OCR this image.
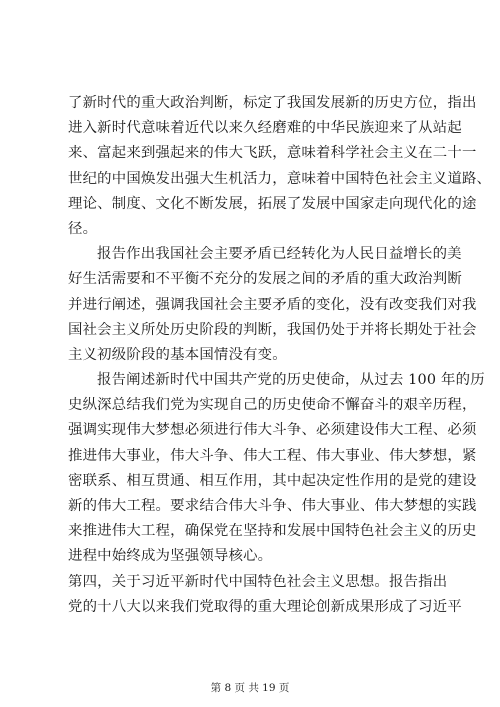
了新时代的重大政治判断，标定了我国发展新的历史方位，指出
进入新时代意味着近代以来久经磨难的中华民族迎来了从站起
来、富起来到强起来的伟大飞跃，意味着科学社会主义在二十一
世纪的中国焕发出强大生机活力，意味着中国特色社会主义道路、
理论、制度、文化不断发展，拓展了发展中国家走向现代化的途
径。
报告作出我国社会主要矛盾已经转化为人民日益增长的美
好生活需要和不平衡不充分的发展之间的矛盾的重大政治判断
并进行阐述，强调我国社会主要矛盾的变化，没有改变我们对我
国社会主义所处历史阶段的判断，我国仍处于并将长期处于社会
主义初级阶段的基本国情没有变。
报告阐述新时代中国共产党的历史使命，从过去 100 年的历
史纵深总结我们党为实现自己的历史使命不懈奋斗的艰辛历程，
强调实现伟大梦想必须进行伟大斗争、必须建设伟大工程、必须
推进伟大事业，伟大斗争、伟大工程、伟大事业、伟大梦想，紧
密联系、相互贯通、相互作用，其中起决定性作用的是党的建设
新的伟大工程。要求结合伟大斗争、伟大事业、伟大梦想的实践
来推进伟大工程，确保党在坚持和发展中国特色社会主义的历史
进程中始终成为坚强领导核心。
第四，关于习近平新时代中国特色社会主义思想。报告指出
党的十八大以来我们党取得的重大理论创新成果形成了习近平
第 8 页 共 19 页
